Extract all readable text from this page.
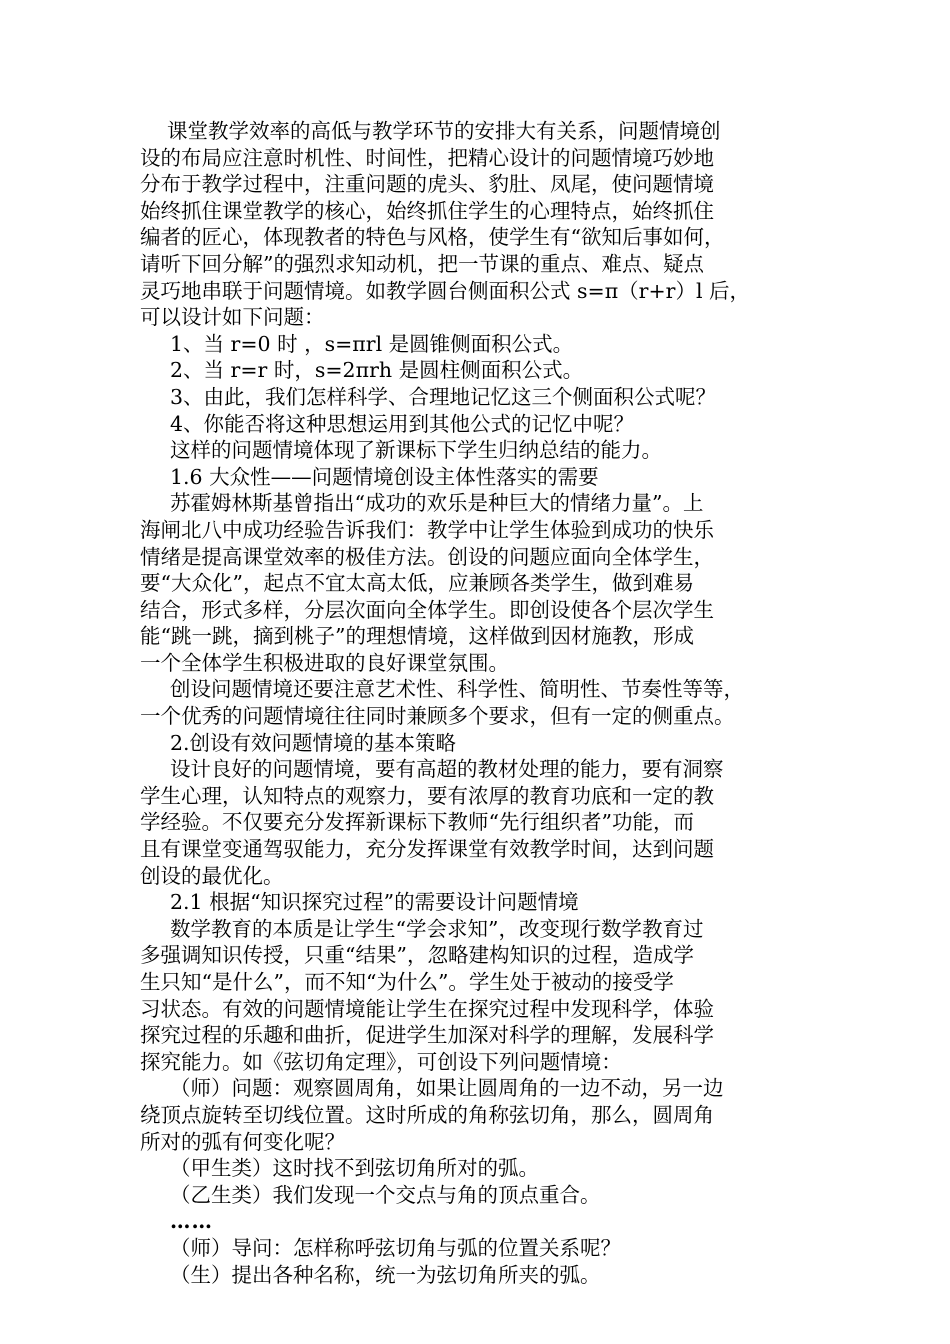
课堂教学效率的高低与教学环节的安排大有关系，问题情境创
设的布局应注意时机性、时间性，把精心设计的问题情境巧妙地
分布于教学过程中，注重问题的虎头、豹肚、凤尾，使问题情境
始终抓住课堂教学的核心，始终抓住学生的心理特点，始终抓住
编者的匠心，体现教者的特色与风格，使学生有“欲知后事如何，
请听下回分解”的强烈求知动机，把一节课的重点、难点、疑点
灵巧地串联于问题情境。如教学圆台侧面积公式 s=π（r+r）l 后，
可以设计如下问题：
1、当 r=0 时 ，s=πrl 是圆锥侧面积公式。
2、当 r=r 时，s=2πrh 是圆柱侧面积公式。
3、由此，我们怎样科学、合理地记忆这三个侧面积公式呢？
4、你能否将这种思想运用到其他公式的记忆中呢？
这样的问题情境体现了新课标下学生归纳总结的能力。
1.6 大众性——问题情境创设主体性落实的需要
苏霍姆林斯基曾指出“成功的欢乐是种巨大的情绪力量”。上
海闸北八中成功经验告诉我们：教学中让学生体验到成功的快乐
情绪是提高课堂效率的极佳方法。创设的问题应面向全体学生，
要“大众化”，起点不宜太高太低，应兼顾各类学生，做到难易
结合，形式多样，分层次面向全体学生。即创设使各个层次学生
能“跳一跳，摘到桃子”的理想情境，这样做到因材施教，形成
一个全体学生积极进取的良好课堂氛围。
创设问题情境还要注意艺术性、科学性、简明性、节奏性等等，
一个优秀的问题情境往往同时兼顾多个要求，但有一定的侧重点。
2.创设有效问题情境的基本策略
设计良好的问题情境，要有高超的教材处理的能力，要有洞察
学生心理，认知特点的观察力，要有浓厚的教育功底和一定的教
学经验。不仅要充分发挥新课标下教师“先行组织者”功能，而
且有课堂变通驾驭能力，充分发挥课堂有效教学时间，达到问题
创设的最优化。
2.1 根据“知识探究过程”的需要设计问题情境
数学教育的本质是让学生“学会求知”，改变现行数学教育过
多强调知识传授，只重“结果”，忽略建构知识的过程，造成学
生只知“是什么”，而不知“为什么”。学生处于被动的接受学
习状态。有效的问题情境能让学生在探究过程中发现科学，体验
探究过程的乐趣和曲折，促进学生加深对科学的理解，发展科学
探究能力。如《弦切角定理》，可创设下列问题情境：
（师）问题：观察圆周角，如果让圆周角的一边不动，另一边
绕顶点旋转至切线位置。这时所成的角称弦切角，那么，圆周角
所对的弧有何变化呢？
（甲生类）这时找不到弦切角所对的弧。
（乙生类）我们发现一个交点与角的顶点重合。
……
（师）导问：怎样称呼弦切角与弧的位置关系呢？
（生）提出各种名称，统一为弦切角所夹的弧。
